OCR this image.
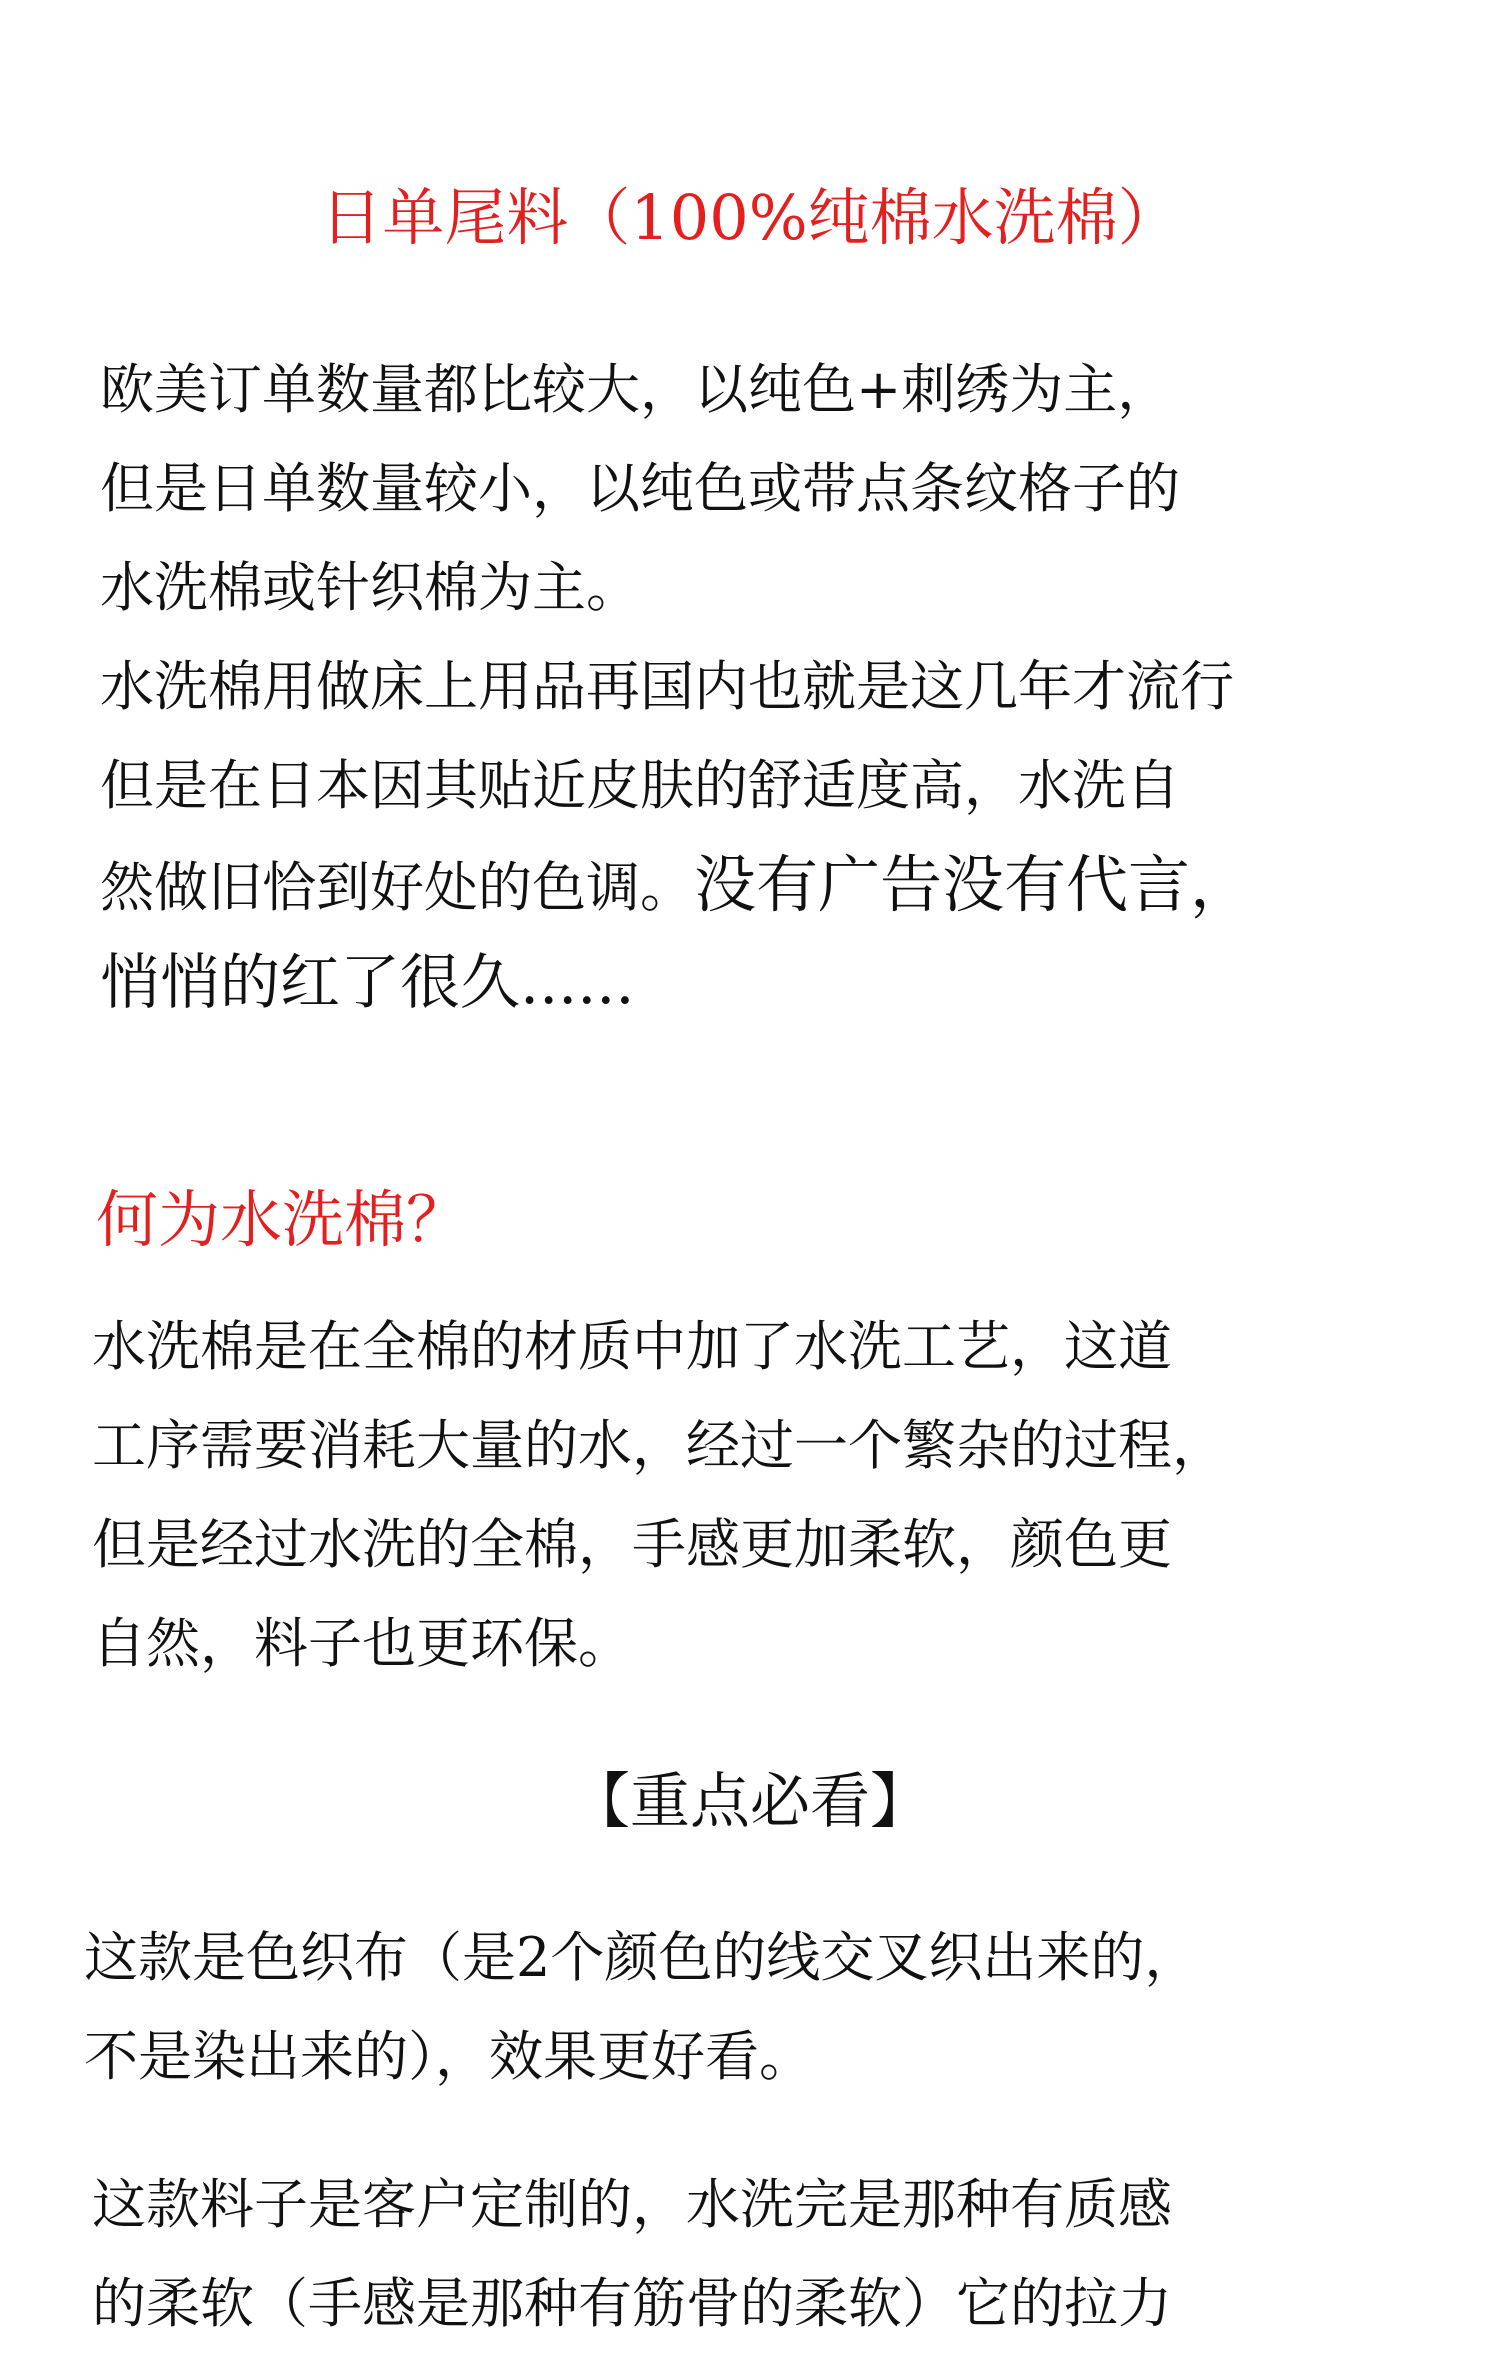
日单尾料（100%纯棉水洗棉）
欧美订单数量都比较大，以纯色+刺绣为主，
但是日单数量较小，以纯色或带点条纹格子的
水洗棉或针织棉为主。
水洗棉用做床上用品再国内也就是这几年才流行
但是在日本因其贴近皮肤的舒适度高，水洗自
然做旧恰到好处的色调。没有广告没有代言，
悄悄的红了很久......
何为水洗棉？
水洗棉是在全棉的材质中加了水洗工艺，这道
工序需要消耗大量的水，经过一个繁杂的过程，
但是经过水洗的全棉，手感更加柔软，颜色更
自然，料子也更环保。
【重点必看】
这款是色织布（是2个颜色的线交叉织出来的，
不是染出来的），效果更好看。
这款料子是客户定制的，水洗完是那种有质感
的柔软（手感是那种有筋骨的柔软）它的拉力
